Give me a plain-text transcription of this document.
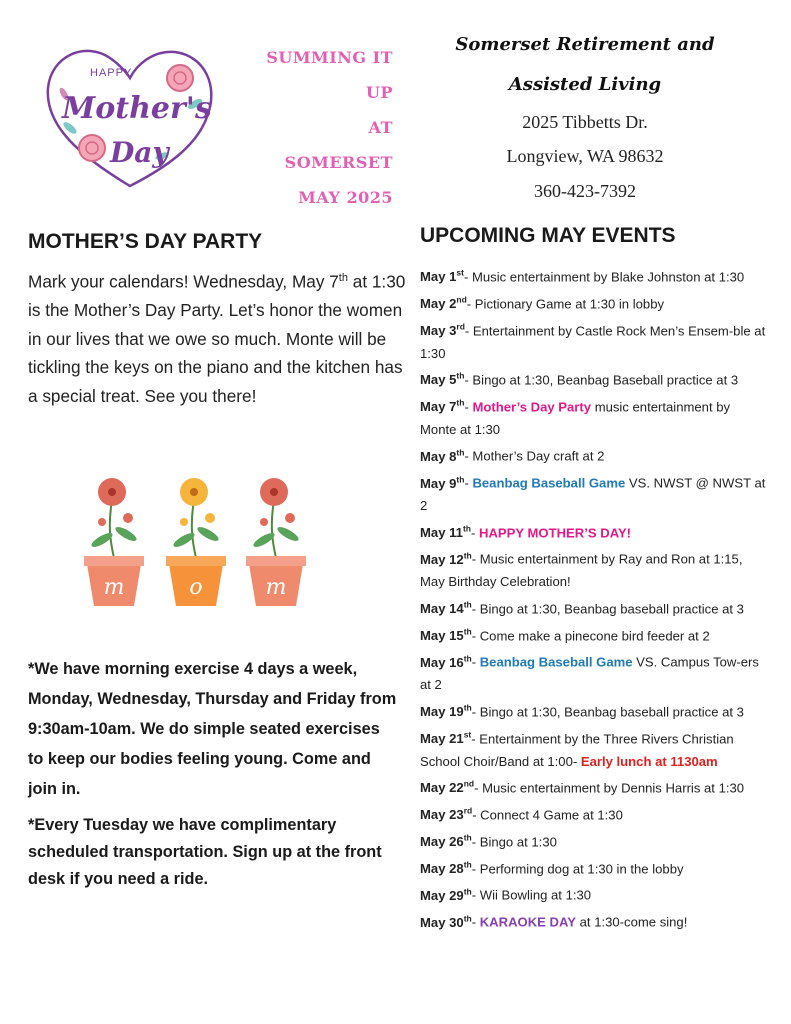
HAPPY
Mother's
Day
SUMMING IT
UP
AT
SOMERSET
MAY 2025
Somerset Retirement and
Assisted Living
2025 Tibbetts Dr.
Longview, WA 98632
360-423-7392
MOTHER’S DAY PARTY
Mark your calendars! Wednesday, May 7th at 1:30 is the Mother’s Day Party. Let’s honor the women in our lives that we owe so much. Monte will be tickling the keys on the piano and the kitchen has a special treat. See you there!
m	o	m
*We have morning exercise 4 days a week, Monday, Wednesday, Thursday and Friday from 9:30am-10am. We do simple seated exercises to keep our bodies feeling young. Come and join in.
*Every Tuesday we have complimentary scheduled transportation. Sign up at the front desk if you need a ride.
UPCOMING MAY EVENTS

May 1st- Music entertainment by Blake Johnston at 1:30

May 2nd- Pictionary Game at 1:30 in lobby

May 3rd- Entertainment by Castle Rock Men’s Ensem-ble at 1:30

May 5th- Bingo at 1:30, Beanbag Baseball practice at 3

May 7th- Mother’s Day Party music entertainment by Monte at 1:30

May 8th- Mother’s Day craft at 2

May 9th- Beanbag Baseball Game VS. NWST @ NWST at 2

May 11th- HAPPY MOTHER’S DAY!

May 12th- Music entertainment by Ray and Ron at 1:15, May Birthday Celebration!

May 14th- Bingo at 1:30, Beanbag baseball practice at 3

May 15th- Come make a pinecone bird feeder at 2

May 16th- Beanbag Baseball Game VS. Campus Tow-ers at 2

May 19th- Bingo at 1:30, Beanbag baseball practice at 3

May 21st- Entertainment by the Three Rivers Christian School Choir/Band at 1:00- Early lunch at 1130am

May 22nd- Music entertainment by Dennis Harris at 1:30

May 23rd- Connect 4 Game at 1:30

May 26th- Bingo at 1:30

May 28th- Performing dog at 1:30 in the lobby

May 29th- Wii Bowling at 1:30

May 30th- KARAOKE DAY at 1:30-come sing!
